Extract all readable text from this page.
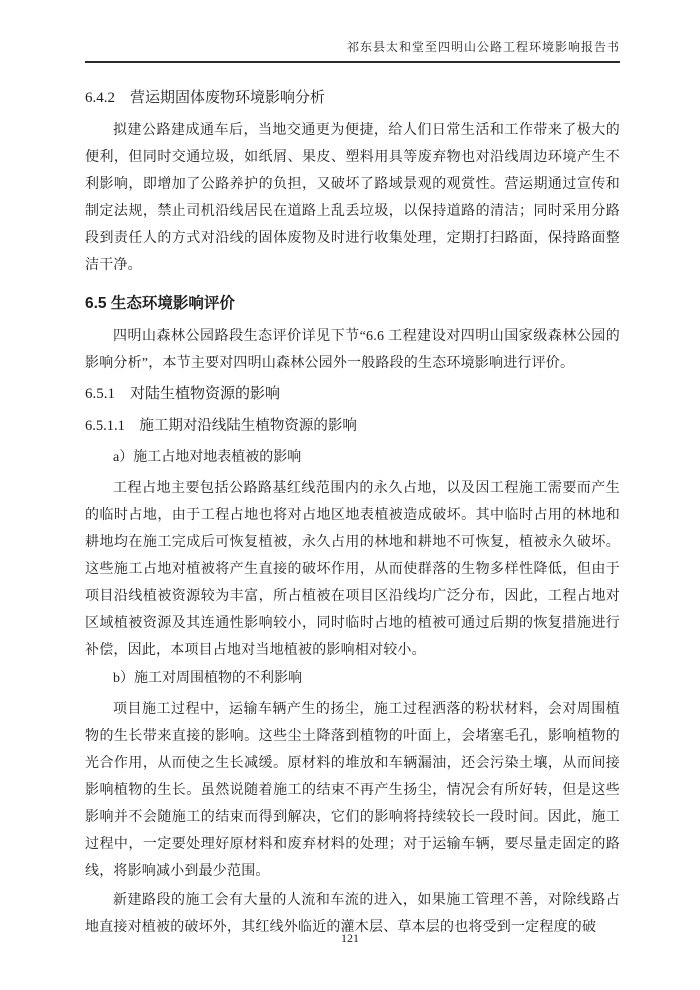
祁东县太和堂至四明山公路工程环境影响报告书
6.4.2　营运期固体废物环境影响分析

拟建公路建成通车后，当地交通更为便捷，给人们日常生活和工作带来了极大的便利，但同时交通垃圾，如纸屑、果皮、塑料用具等废弃物也对沿线周边环境产生不利影响，即增加了公路养护的负担，又破坏了路域景观的观赏性。营运期通过宣传和制定法规，禁止司机沿线居民在道路上乱丢垃圾，以保持道路的清洁；同时采用分路段到责任人的方式对沿线的固体废物及时进行收集处理，定期打扫路面，保持路面整洁干净。

6.5 生态环境影响评价

四明山森林公园路段生态评价详见下节“6.6 工程建设对四明山国家级森林公园的影响分析”，本节主要对四明山森林公园外一般路段的生态环境影响进行评价。

6.5.1　对陆生植物资源的影响
6.5.1.1　施工期对沿线陆生植物资源的影响
a）施工占地对地表植被的影响

工程占地主要包括公路路基红线范围内的永久占地，以及因工程施工需要而产生的临时占地，由于工程占地也将对占地区地表植被造成破坏。其中临时占用的林地和耕地均在施工完成后可恢复植被，永久占用的林地和耕地不可恢复，植被永久破坏。这些施工占地对植被将产生直接的破坏作用，从而使群落的生物多样性降低，但由于项目沿线植被资源较为丰富，所占植被在项目区沿线均广泛分布，因此，工程占地对区域植被资源及其连通性影响较小，同时临时占地的植被可通过后期的恢复措施进行补偿，因此，本项目占地对当地植被的影响相对较小。

b）施工对周围植物的不利影响

项目施工过程中，运输车辆产生的扬尘，施工过程洒落的粉状材料，会对周围植物的生长带来直接的影响。这些尘土降落到植物的叶面上，会堵塞毛孔，影响植物的光合作用，从而使之生长减缓。原材料的堆放和车辆漏油，还会污染土壤，从而间接影响植物的生长。虽然说随着施工的结束不再产生扬尘，情况会有所好转，但是这些影响并不会随施工的结束而得到解决，它们的影响将持续较长一段时间。因此，施工过程中，一定要处理好原材料和废弃材料的处理；对于运输车辆，要尽量走固定的路线，将影响减小到最少范围。

新建路段的施工会有大量的人流和车流的进入，如果施工管理不善，对除线路占地直接对植被的破坏外，其红线外临近的灌木层、草本层的也将受到一定程度的破

121
